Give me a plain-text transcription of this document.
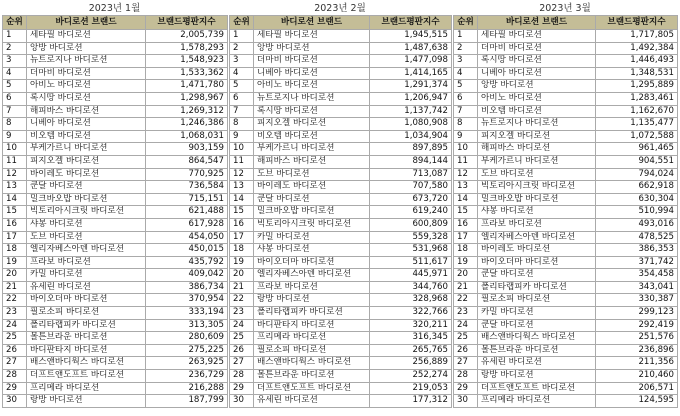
2023년 1월
순위	바디로션 브랜드	브랜드평판지수
1	세타필 바디로션	2,005,739
2	앙방 바디로션	1,578,293
3	뉴트로지나 바디로션	1,548,923
4	더마비 바디로션	1,533,362
5	아비노 바디로션	1,471,780
6	록시땅 바디로션	1,298,967
7	해피바스 바디로션	1,269,312
8	니베아 바디로션	1,246,386
9	비오템 바디로션	1,068,031
10	부케가르니 바디로션	903,159
11	피지오겔 바디로션	864,547
12	바이레도 바디로션	770,925
13	쿤달 바디로션	736,584
14	밀크바오밥 바디로션	715,151
15	빅토리아시크릿 바디로션	621,488
16	샤봉 바디로션	617,928
17	도브 바디로션	454,050
18	엘리자베스아덴 바디로션	450,015
19	프라보 바디로션	435,792
20	카밀 바디로션	409,042
21	유세린 바디로션	386,734
22	바이오더마 바디로션	370,954
23	필로소피 바디로션	333,194
24	폴리타랩피카 바디로션	313,305
25	몰튼브라운 바디로션	280,609
26	바디판타지 바디로션	275,225
27	배스앤바디웍스 바디로션	263,925
28	더프트앤도프트 바디로션	236,729
29	프리메라 바디로션	216,288
30	랑방 바디로션	187,799
2023년 2월
순위	바디로션 브랜드	브랜드평판지수
1	세타필 바디로션	1,945,515
2	앙방 바디로션	1,487,638
3	더마비 바디로션	1,477,098
4	니베아 바디로션	1,414,165
5	아비노 바디로션	1,291,374
6	뉴트로지나 바디로션	1,206,947
7	록시땅 바디로션	1,137,742
8	피지오겔 바디로션	1,080,908
9	비오템 바디로션	1,034,904
10	부케가르니 바디로션	897,895
11	해피바스 바디로션	894,144
12	도브 바디로션	713,087
13	바이레도 바디로션	707,580
14	쿤달 바디로션	673,720
15	밀크바오밥 바디로션	619,240
16	빅토리아시크릿 바디로션	600,809
17	카밀 바디로션	559,328
18	샤봉 바디로션	531,968
19	바이오더마 바디로션	511,617
20	엘리자베스아덴 바디로션	445,971
21	프라보 바디로션	344,760
22	랑방 바디로션	328,968
23	폴리타랩피카 바디로션	322,766
24	바디판타지 바디로션	320,211
25	프리메라 바디로션	316,345
26	필로소피 바디로션	265,765
27	배스앤바디웍스 바디로션	256,889
28	몰튼브라운 바디로션	252,274
29	더프트앤도프트 바디로션	219,053
30	유세린 바디로션	177,312
2023년 3월
순위	바디로션 브랜드	브랜드평판지수
1	세타필 바디로션	1,717,805
2	더마비 바디로션	1,492,384
3	록시땅 바디로션	1,446,493
4	니베아 바디로션	1,348,531
5	앙방 바디로션	1,295,889
6	아비노 바디로션	1,283,461
7	비오템 바디로션	1,162,670
8	뉴트로지나 바디로션	1,135,477
9	피지오겔 바디로션	1,072,588
10	해피바스 바디로션	961,465
11	부케가르니 바디로션	904,551
12	도브 바디로션	794,024
13	빅토리아시크릿 바디로션	662,918
14	밀크바오밥 바디로션	630,304
15	샤봉 바디로션	510,994
16	프라보 바디로션	493,016
17	엘리자베스아덴 바디로션	478,525
18	바이레도 바디로션	386,353
19	바이오더마 바디로션	371,742
20	쿤달 바디로션	354,458
21	폴리타랩피카 바디로션	343,041
22	필로소피 바디로션	330,387
23	카밀 바디로션	299,123
24	쿤달 바디로션	292,419
25	배스앤바디웍스 바디로션	251,576
26	몰튼브라운 바디로션	236,896
27	유세린 바디로션	211,356
28	랑방 바디로션	210,460
29	더프트앤도프트 바디로션	206,571
30	프리메라 바디로션	124,595
